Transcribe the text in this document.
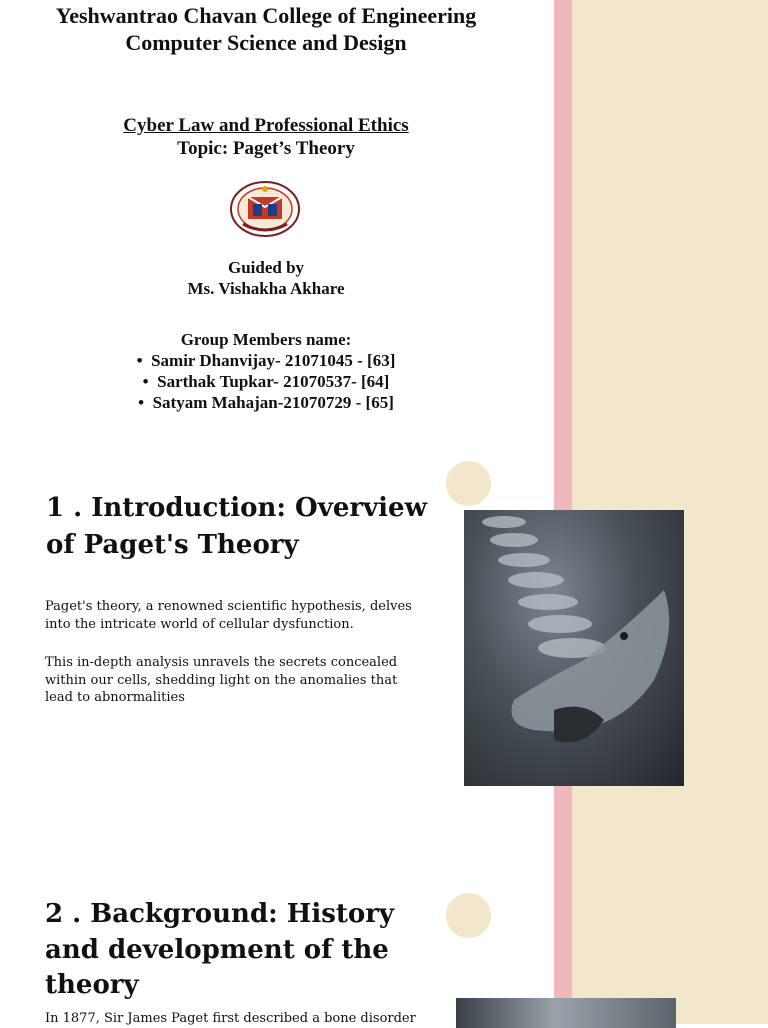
Yeshwantrao Chavan College of Engineering
Computer Science and Design
Cyber Law and Professional Ethics
Topic: Paget’s Theory
Guided by
Ms. Vishakha Akhare
Group Members name:
•  Samir Dhanvijay- 21071045 - [63]
•  Sarthak Tupkar- 21070537- [64]
•  Satyam Mahajan-21070729 - [65]
1 . Introduction: Overview
of Paget's Theory

Paget's theory, a renowned scientific hypothesis, delves
into the intricate world of cellular dysfunction.

This in-depth analysis unravels the secrets concealed
within our cells, shedding light on the anomalies that
lead to abnormalities

2 . Background: History
and development of the
theory

In 1877, Sir James Paget first described a bone disorder
